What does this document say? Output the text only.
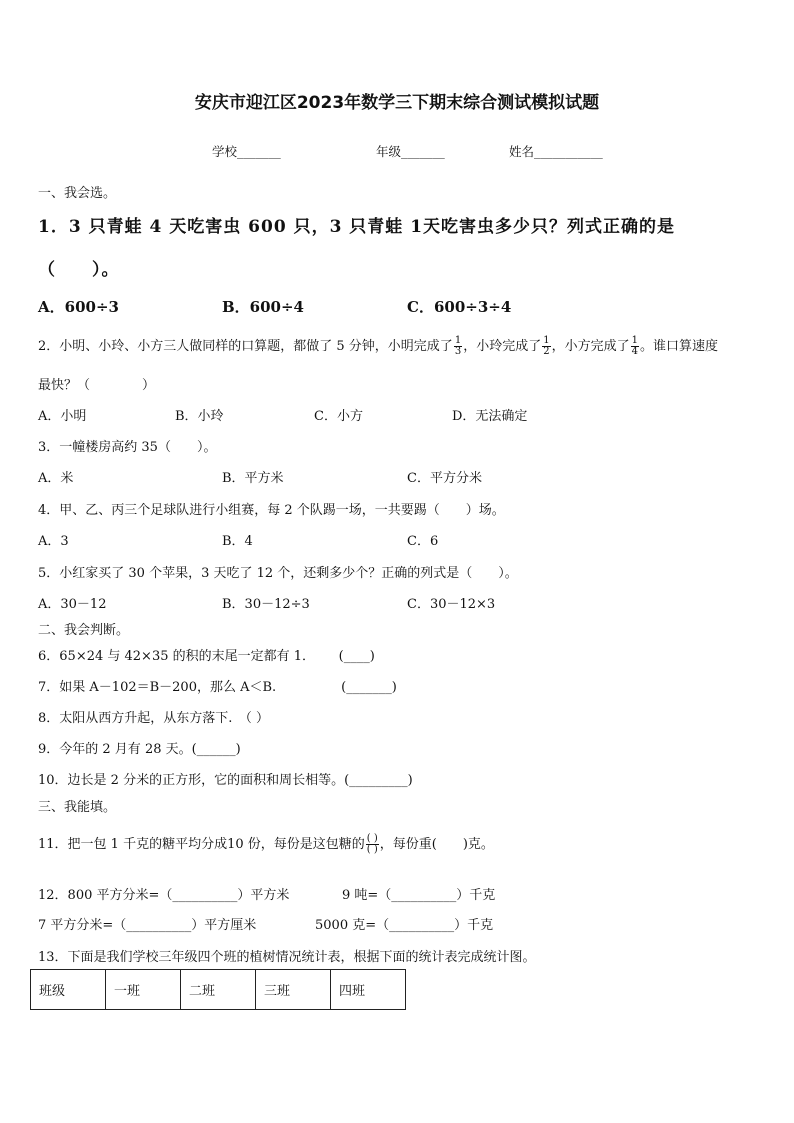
安庆市迎江区2023年数学三下期末综合测试模拟试题
学校_______	年级_______	姓名___________
一、我会选。
1．3 只青蛙 4 天吃害虫 600 只，3 只青蛙 1天吃害虫多少只？列式正确的是
（　　）。
A．600÷3	B．600÷4	C．600÷3÷4
2．小明、小玲、小方三人做同样的口算题，都做了 5 分钟，小明完成了 $\frac{1}{3}$ ，小玲完成了 $\frac{1}{2}$ ，小方完成了 $\frac{1}{4}$ 。谁口算速度
最快？（　　　　）
A．小明	B．小玲	C．小方	D．无法确定
3．一幢楼房高约 35（　　）。
A．米	B．平方米	C．平方分米
4．甲、乙、丙三个足球队进行小组赛，每 2 个队踢一场，一共要踢（　　）场。
A．3	B．4	C．6
5．小红家买了 30 个苹果，3 天吃了 12 个，还剩多少个？正确的列式是（　　）。
A．30－12	B．30－12÷3	C．30－12×3
二、我会判断。
6．65×24 与 42×35 的积的末尾一定都有 1．　　 (____)
7．如果 A－102＝B－200，那么 A＜B.　　　　　(_______)
8．太阳从西方升起，从东方落下.　（ ）
9．今年的 2 月有 28 天。(______)
10．边长是 2 分米的正方形，它的面积和周长相等。(_________)
三、我能填。
11．把一包 1 千克的糖平均分成10 份，每份是这包糖的 $\frac{( )}{( )}$ ，每份重(　　)克。
12．800 平方分米=（__________）平方米	9 吨=（__________）千克
7 平方分米=（__________）平方厘米	5000 克=（__________）千克
13．下面是我们学校三年级四个班的植树情况统计表，根据下面的统计表完成统计图。
班级	一班	二班	三班	四班
